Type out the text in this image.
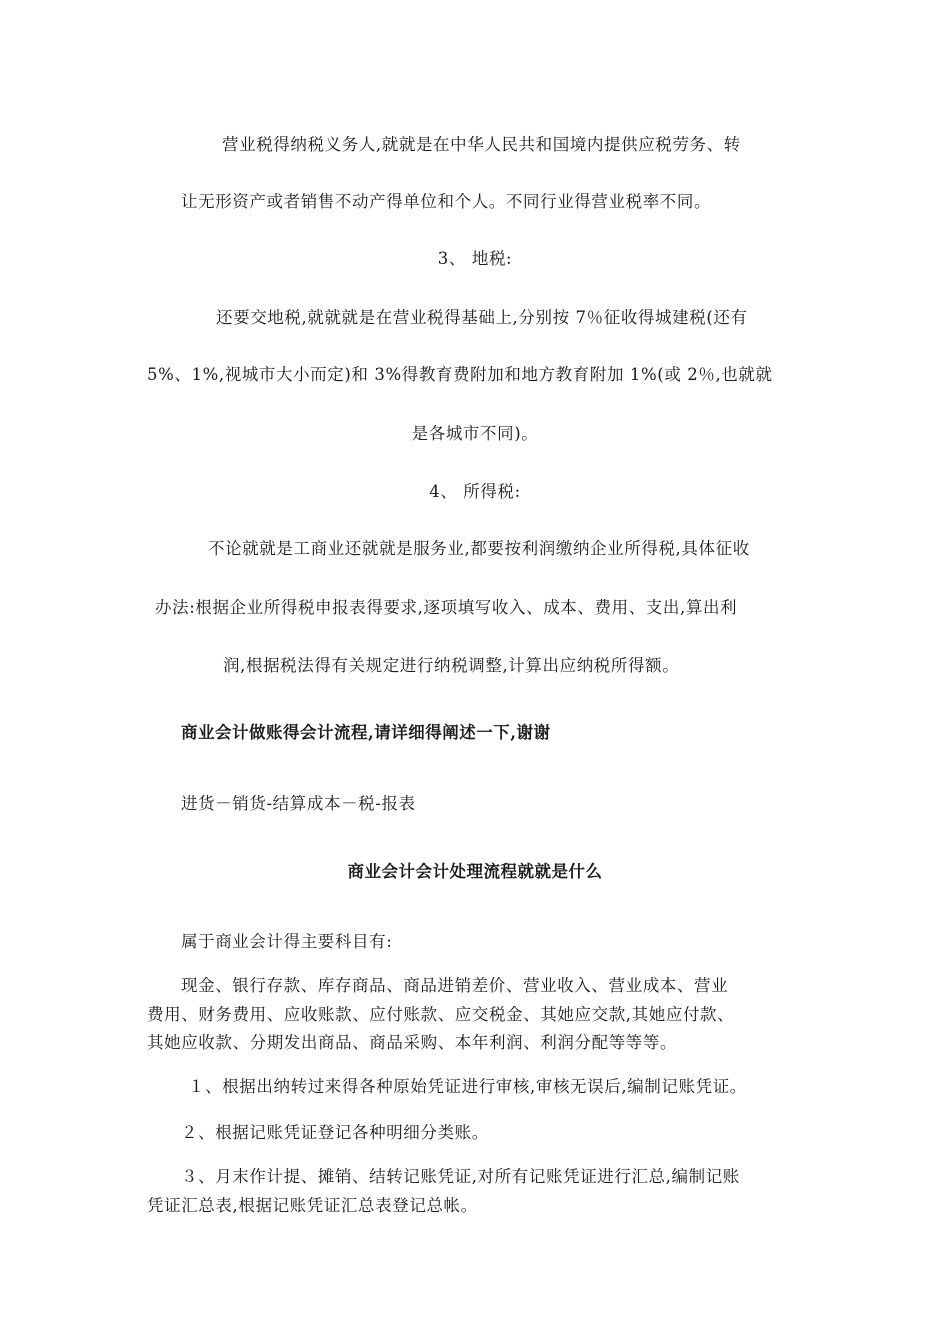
营业税得纳税义务人,就就是在中华人民共和国境内提供应税劳务、转
让无形资产或者销售不动产得单位和个人。不同行业得营业税率不同。
3、 地税:
还要交地税,就就就是在营业税得基础上,分别按 7％征收得城建税(还有
5%、1%,视城市大小而定)和 3%得教育费附加和地方教育附加 1%(或 2％,也就就
是各城市不同)。
4、 所得税:
不论就就是工商业还就就是服务业,都要按利润缴纳企业所得税,具体征收
办法:根据企业所得税申报表得要求,逐项填写收入、成本、费用、支出,算出利
润,根据税法得有关规定进行纳税调整,计算出应纳税所得额。
商业会计做账得会计流程,请详细得阐述一下,谢谢
进货－销货-结算成本－税-报表
商业会计会计处理流程就就是什么
属于商业会计得主要科目有:
现金、银行存款、库存商品、商品进销差价、营业收入、营业成本、营业
费用、财务费用、应收账款、应付账款、应交税金、其她应交款,其她应付款、
其她应收款、分期发出商品、商品采购、本年利润、利润分配等等等。
１、根据出纳转过来得各种原始凭证进行审核,审核无误后,编制记账凭证。
２、根据记账凭证登记各种明细分类账。
３、月末作计提、摊销、结转记账凭证,对所有记账凭证进行汇总,编制记账
凭证汇总表,根据记账凭证汇总表登记总帐。
